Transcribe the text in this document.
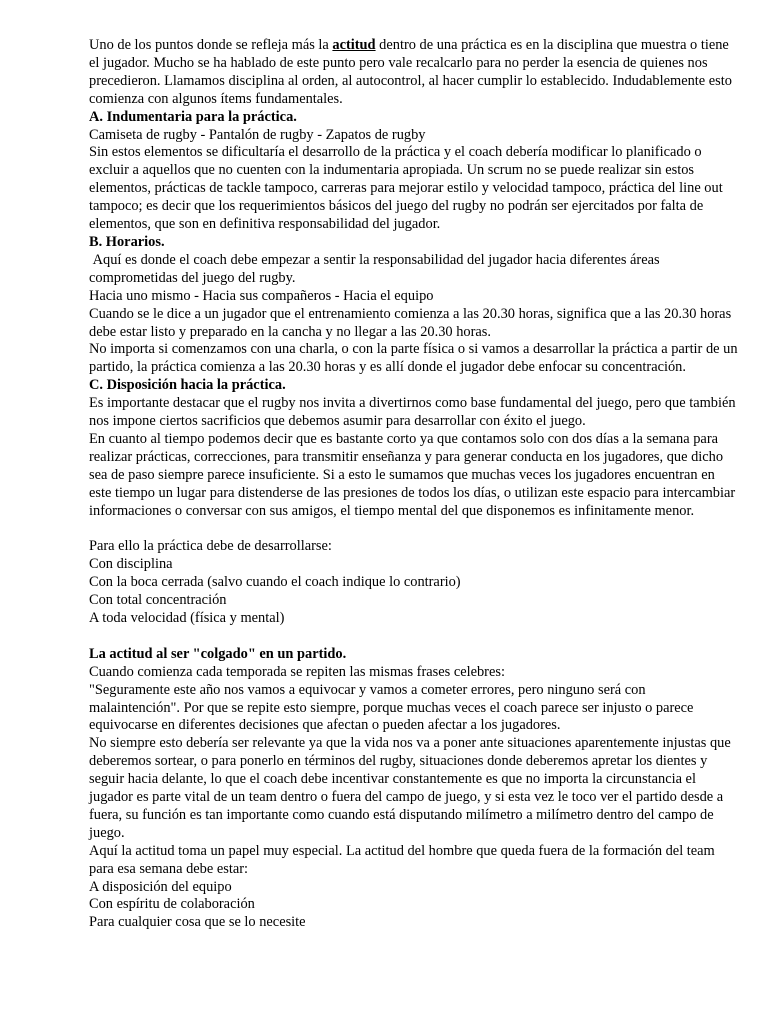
Uno de los puntos donde se refleja más la actitud dentro de una práctica es en la disciplina que muestra o tiene el jugador. Mucho se ha hablado de este punto pero vale recalcarlo para no perder la esencia de quienes nos precedieron. Llamamos disciplina al orden, al autocontrol, al hacer cumplir lo establecido. Indudablemente esto comienza con algunos ítems fundamentales.

A. Indumentaria para la práctica.

Camiseta de rugby - Pantalón de rugby - Zapatos de rugby

Sin estos elementos se dificultaría el desarrollo de la práctica y el coach debería modificar lo planificado o excluir a aquellos que no cuenten con la indumentaria apropiada. Un scrum no se puede realizar sin estos elementos, prácticas de tackle tampoco, carreras para mejorar estilo y velocidad tampoco, práctica del line out tampoco; es decir que los requerimientos básicos del juego del rugby no podrán ser ejercitados por falta de elementos, que son en definitiva responsabilidad del jugador.

B. Horarios.

Aquí es donde el coach debe empezar a sentir la responsabilidad del jugador hacia diferentes áreas comprometidas del juego del rugby.

Hacia uno mismo - Hacia sus compañeros - Hacia el equipo

Cuando se le dice a un jugador que el entrenamiento comienza a las 20.30 horas, significa que a las 20.30 horas debe estar listo y preparado en la cancha y no llegar a las 20.30 horas.

No importa si comenzamos con una charla, o con la parte física o si vamos a desarrollar la práctica a partir de un partido, la práctica comienza a las 20.30 horas y es allí donde el jugador debe enfocar su concentración.

C. Disposición hacia la práctica.

Es importante destacar que el rugby nos invita a divertirnos como base fundamental del juego, pero que también nos impone ciertos sacrificios que debemos asumir para desarrollar con éxito el juego.

En cuanto al tiempo podemos decir que es bastante corto ya que contamos solo con dos días a la semana para realizar prácticas, correcciones, para transmitir enseñanza y para generar conducta en los jugadores, que dicho sea de paso siempre parece insuficiente. Si a esto le sumamos que muchas veces los jugadores encuentran en este tiempo un lugar para distenderse de las presiones de todos los días, o utilizan este espacio para intercambiar informaciones o conversar con sus amigos, el tiempo mental del que disponemos es infinitamente menor.

Para ello la práctica debe de desarrollarse:

Con disciplina

Con la boca cerrada (salvo cuando el coach indique lo contrario)

Con total concentración

A toda velocidad (física y mental)

La actitud al ser "colgado" en un partido.

Cuando comienza cada temporada se repiten las mismas frases celebres:

"Seguramente este año nos vamos a equivocar y vamos a cometer errores, pero ninguno será con malaintención". Por que se repite esto siempre, porque muchas veces el coach parece ser injusto o parece equivocarse en diferentes decisiones que afectan o pueden afectar a los jugadores.

No siempre esto debería ser relevante ya que la vida nos va a poner ante situaciones aparentemente injustas que deberemos sortear, o para ponerlo en términos del rugby, situaciones donde deberemos apretar los dientes y seguir hacia delante, lo que el coach debe incentivar constantemente es que no importa la circunstancia el jugador es parte vital de un team dentro o fuera del campo de juego, y si esta vez le toco ver el partido desde a fuera, su función es tan importante como cuando está disputando milímetro a milímetro dentro del campo de juego.

Aquí la actitud toma un papel muy especial. La actitud del hombre que queda fuera de la formación del team para esa semana debe estar:

A disposición del equipo

Con espíritu de colaboración

Para cualquier cosa que se lo necesite
